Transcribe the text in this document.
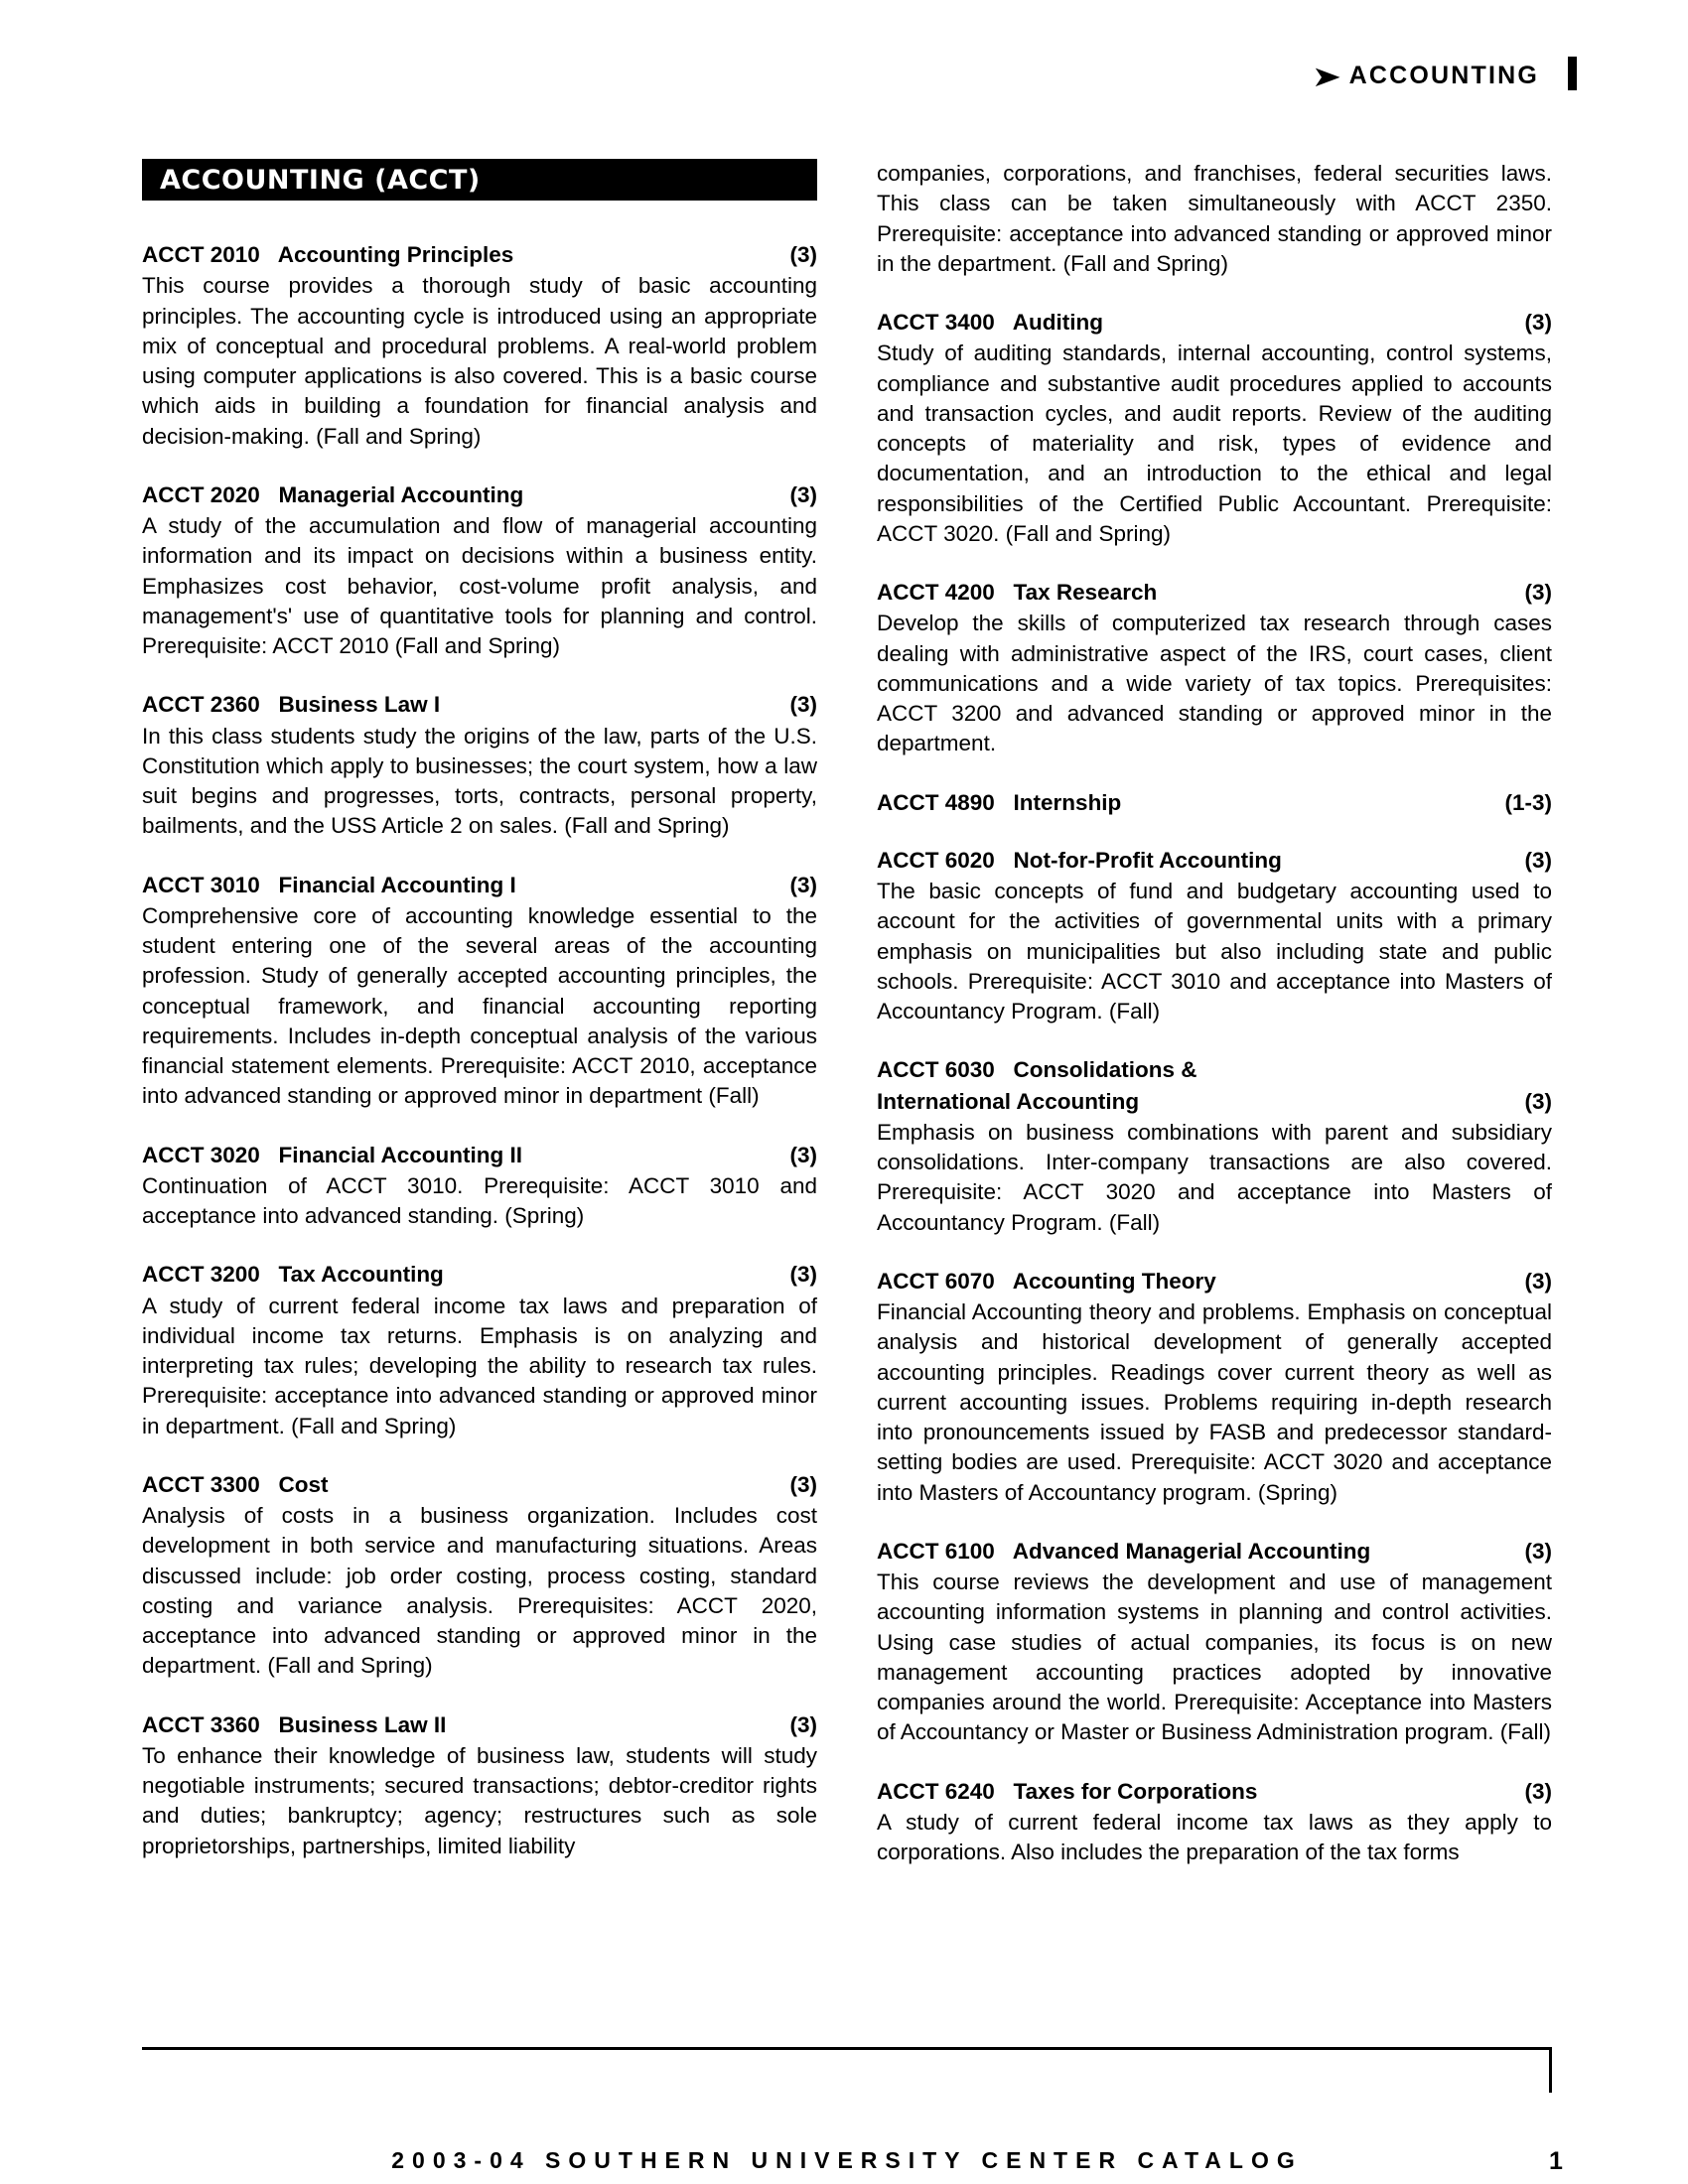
➤ ACCOUNTING
ACCOUNTING (ACCT)
ACCT 2010   Accounting Principles	(3)

This course provides a thorough study of basic accounting principles. The accounting cycle is introduced using an appropriate mix of conceptual and procedural problems. A real-world problem using computer applications is also covered. This is a basic course which aids in building a foundation for financial analysis and decision-making. (Fall and Spring)

ACCT 2020   Managerial Accounting	(3)

A study of the accumulation and flow of managerial accounting information and its impact on decisions within a business entity. Emphasizes cost behavior, cost-volume profit analysis, and management's' use of quantitative tools for planning and control. Prerequisite: ACCT 2010 (Fall and Spring)

ACCT 2360   Business Law I	(3)

In this class students study the origins of the law, parts of the U.S. Constitution which apply to businesses; the court system, how a law suit begins and progresses, torts, contracts, personal property, bailments, and the USS Article 2 on sales. (Fall and Spring)

ACCT 3010   Financial Accounting I	(3)

Comprehensive core of accounting knowledge essential to the student entering one of the several areas of the accounting profession. Study of generally accepted accounting principles, the conceptual framework, and financial accounting reporting requirements. Includes in-depth conceptual analysis of the various financial statement elements. Prerequisite: ACCT 2010, acceptance into advanced standing or approved minor in department (Fall)

ACCT 3020   Financial Accounting II	(3)

Continuation of ACCT 3010. Prerequisite: ACCT 3010 and acceptance into advanced standing. (Spring)

ACCT 3200   Tax Accounting	(3)

A study of current federal income tax laws and preparation of individual income tax returns. Emphasis is on analyzing and interpreting tax rules; developing the ability to research tax rules. Prerequisite: acceptance into advanced standing or approved minor in department. (Fall and Spring)

ACCT 3300   Cost	(3)

Analysis of costs in a business organization. Includes cost development in both service and manufacturing situations. Areas discussed include: job order costing, process costing, standard costing and variance analysis. Prerequisites: ACCT 2020, acceptance into advanced standing or approved minor in the department. (Fall and Spring)

ACCT 3360   Business Law II	(3)

To enhance their knowledge of business law, students will study negotiable instruments; secured transactions; debtor-creditor rights and duties; bankruptcy; agency; restructures such as sole proprietorships, partnerships, limited liability

companies, corporations, and franchises, federal securities laws. This class can be taken simultaneously with ACCT 2350. Prerequisite: acceptance into advanced standing or approved minor in the department. (Fall and Spring)

ACCT 3400   Auditing	(3)

Study of auditing standards, internal accounting, control systems, compliance and substantive audit procedures applied to accounts and transaction cycles, and audit reports. Review of the auditing concepts of materiality and risk, types of evidence and documentation, and an introduction to the ethical and legal responsibilities of the Certified Public Accountant. Prerequisite: ACCT 3020. (Fall and Spring)

ACCT 4200   Tax Research	(3)

Develop the skills of computerized tax research through cases dealing with administrative aspect of the IRS, court cases, client communications and a wide variety of tax topics. Prerequisites: ACCT 3200 and advanced standing or approved minor in the department.

ACCT 4890   Internship	(1-3)
ACCT 6020   Not-for-Profit Accounting	(3)

The basic concepts of fund and budgetary accounting used to account for the activities of governmental units with a primary emphasis on municipalities but also including state and public schools. Prerequisite: ACCT 3010 and acceptance into Masters of Accountancy Program. (Fall)

ACCT 6030   Consolidations &
International Accounting	(3)

Emphasis on business combinations with parent and subsidiary consolidations. Inter-company transactions are also covered. Prerequisite: ACCT 3020 and acceptance into Masters of Accountancy Program. (Fall)

ACCT 6070   Accounting Theory	(3)

Financial Accounting theory and problems. Emphasis on conceptual analysis and historical development of generally accepted accounting principles. Readings cover current theory as well as current accounting issues. Problems requiring in-depth research into pronouncements issued by FASB and predecessor standard-setting bodies are used. Prerequisite: ACCT 3020 and acceptance into Masters of Accountancy program. (Spring)

ACCT 6100   Advanced Managerial Accounting	(3)

This course reviews the development and use of management accounting information systems in planning and control activities. Using case studies of actual companies, its focus is on new management accounting practices adopted by innovative companies around the world. Prerequisite: Acceptance into Masters of Accountancy or Master or Business Administration program. (Fall)

ACCT 6240   Taxes for Corporations	(3)

A study of current federal income tax laws as they apply to corporations. Also includes the preparation of the tax forms

2003-04 SOUTHERN UNIVERSITY CENTER CATALOG	1
